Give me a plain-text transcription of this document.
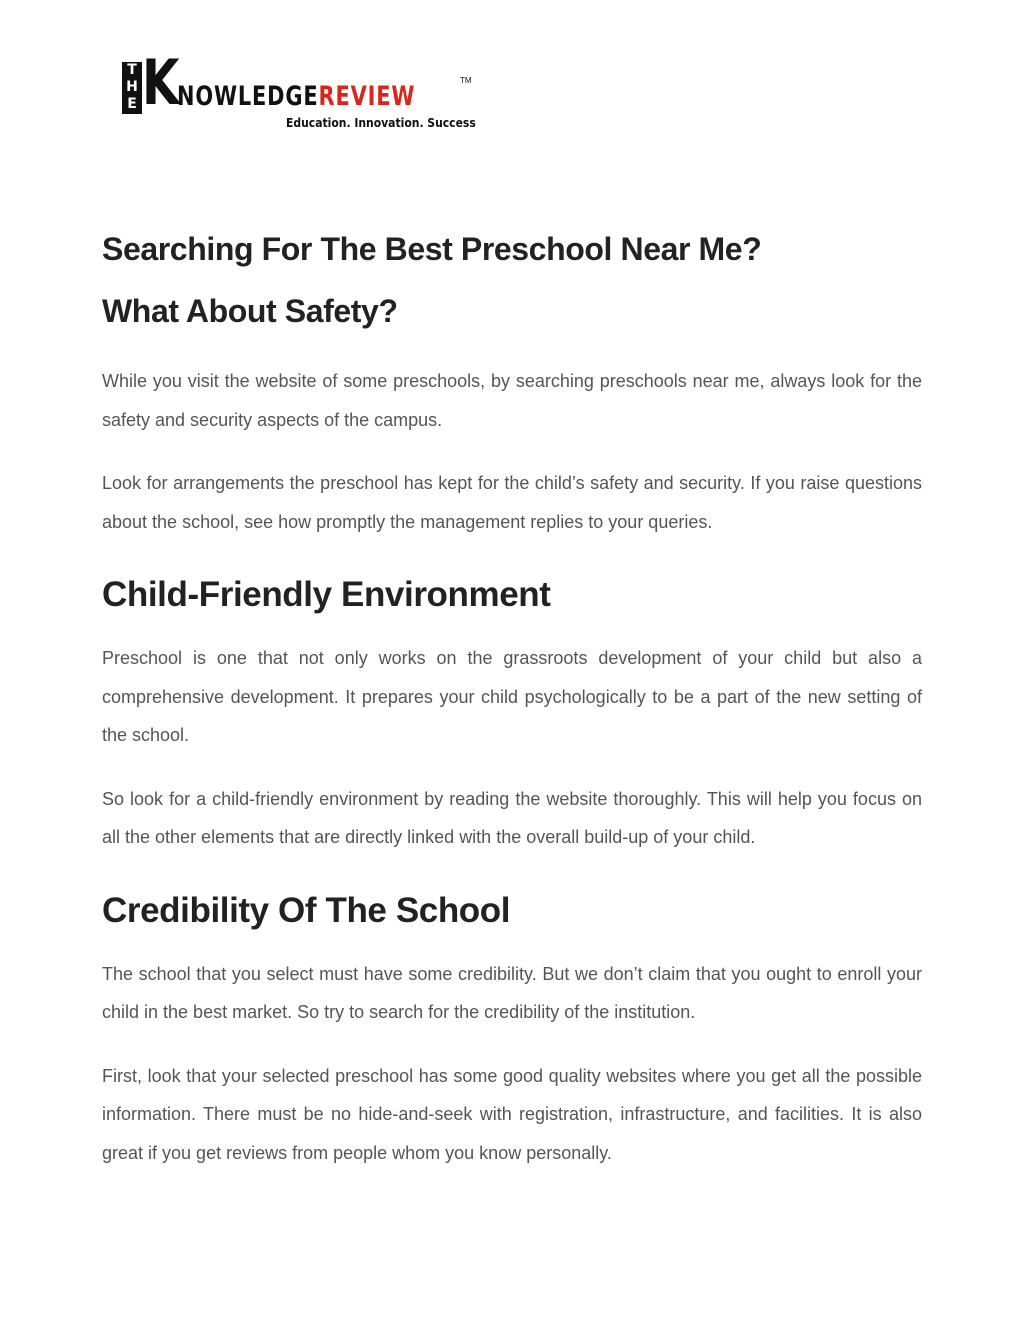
T
H
E K
NOWLEDGEREVIEW
TM
Education. Innovation. Success
Searching For The Best Preschool Near Me?
What About Safety?

While you visit the website of some preschools, by searching preschools near me, always look for the safety and security aspects of the campus.

Look for arrangements the preschool has kept for the child’s safety and security. If you raise questions about the school, see how promptly the management replies to your queries.

Child-Friendly Environment

Preschool is one that not only works on the grassroots development of your child but also a comprehensive development. It prepares your child psychologically to be a part of the new setting of the school.

So look for a child-friendly environment by reading the website thoroughly. This will help you focus on all the other elements that are directly linked with the overall build-up of your child.

Credibility Of The School

The school that you select must have some credibility. But we don’t claim that you ought to enroll your child in the best market. So try to search for the credibility of the institution.

First, look that your selected preschool has some good quality websites where you get all the possible information. There must be no hide-and-seek with registration, infrastructure, and facilities. It is also great if you get reviews from people whom you know personally.
